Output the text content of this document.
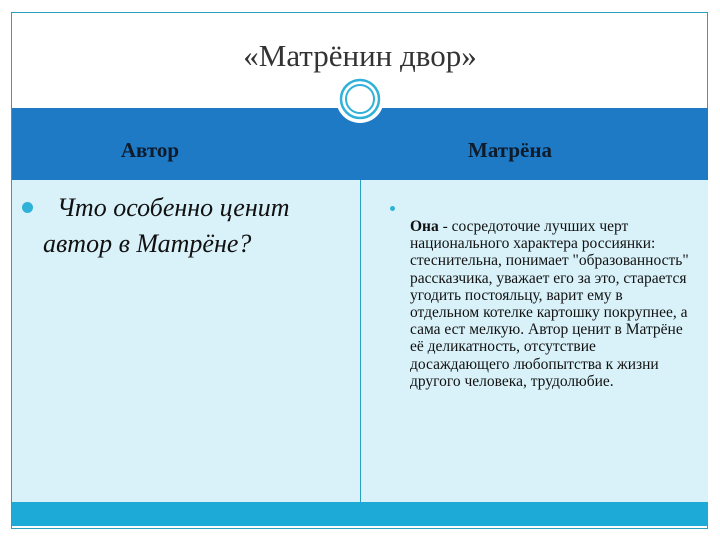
«Матрёнин двор»
Автор	Матрёна
Что особенно ценит автор в Матрёне?
Она - сосредоточие лучших черт национального характера россиянки: стеснительна, понимает "образованность" рассказчика, уважает его за это, старается угодить постояльцу, варит ему в отдельном котелке картошку покрупнее, а сама ест мелкую. Автор ценит в Матрёне её деликатность, отсутствие досаждающего любопытства к жизни другого человека, трудолюбие.
